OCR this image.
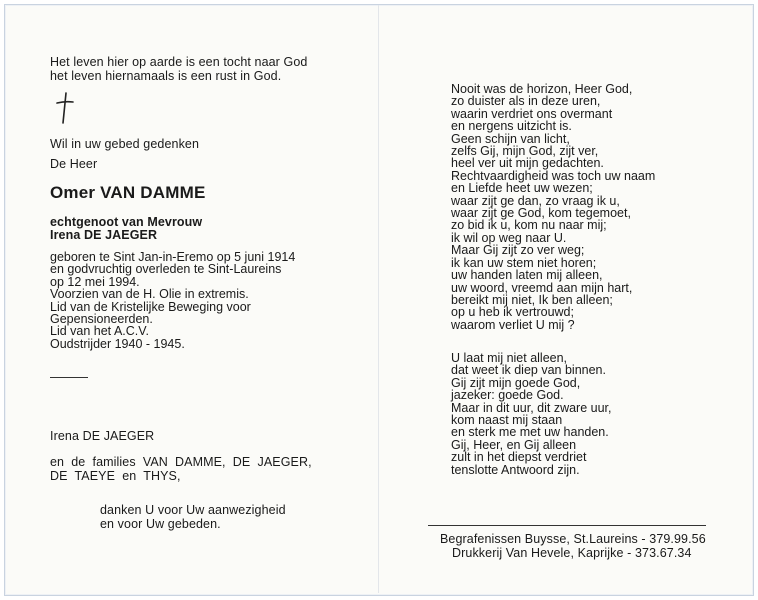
Het leven hier op aarde is een tocht naar God
het leven hiernamaals is een rust in God.
Wil in uw gebed gedenken
De Heer
Omer VAN DAMME
echtgenoot van Mevrouw
Irena DE JAEGER
geboren te Sint Jan-in-Eremo op 5 juni 1914
en godvruchtig overleden te Sint-Laureins
op 12 mei 1994.
Voorzien van de H. Olie in extremis.
Lid van de Kristelijke Beweging voor
Gepensioneerden.
Lid van het A.C.V.
Oudstrijder 1940 - 1945.
Irena DE JAEGER
en  de  families  VAN  DAMME,  DE  JAEGER,
DE  TAEYE  en  THYS,
danken U voor Uw aanwezigheid
en voor Uw gebeden.
Nooit was de horizon, Heer God,
zo duister als in deze uren,
waarin verdriet ons overmant
en nergens uitzicht is.
Geen schijn van licht,
zelfs Gij, mijn God, zijt ver,
heel ver uit mijn gedachten.
Rechtvaardigheid was toch uw naam
en Liefde heet uw wezen;
waar zijt ge dan, zo vraag ik u,
waar zijt ge God, kom tegemoet,
zo bid ik u, kom nu naar mij;
ik wil op weg naar U.
Maar Gij zijt zo ver weg;
ik kan uw stem niet horen;
uw handen laten mij alleen,
uw woord, vreemd aan mijn hart,
bereikt mij niet, Ik ben alleen;
op u heb ik vertrouwd;
waarom verliet U mij ?
U laat mij niet alleen,
dat weet ik diep van binnen.
Gij zijt mijn goede God,
jazeker: goede God.
Maar in dit uur, dit zware uur,
kom naast mij staan
en sterk me met uw handen.
Gij, Heer, en Gij alleen
zult in het diepst verdriet
tenslotte Antwoord zijn.
Begrafenissen Buysse, St.Laureins - 379.99.56
Drukkerij Van Hevele, Kaprijke - 373.67.34
